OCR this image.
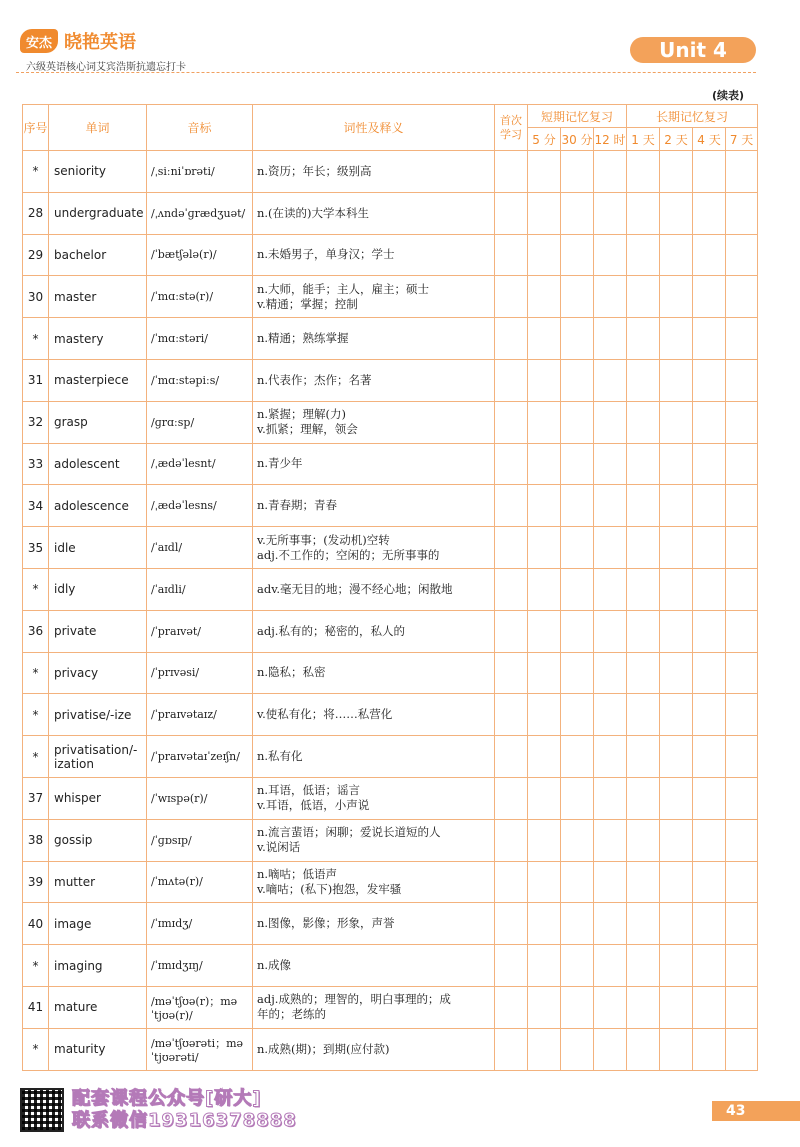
安杰 晓艳英语
六级英语核心词艾宾浩斯抗遗忘打卡
Unit 4
(续表)
序号	单词	音标	词性及释义	首次学习	短期记忆复习			长期记忆复习			
					5 分	30 分	12 时	1 天	2 天	4 天	7 天
*	seniority	/ˌsiːniˈɒrəti/	n.资历；年长；级别高								

28	undergraduate	/ˌʌndəˈɡrædʒuət/	n.(在读的)大学本科生								

29	bachelor	/ˈbætʃələ(r)/	n.未婚男子，单身汉；学士								

30	master	/ˈmɑːstə(r)/	n.大师，能手；主人，雇主；硕士
v.精通；掌握；控制								

*	mastery	/ˈmɑːstəri/	n.精通；熟练掌握								

31	masterpiece	/ˈmɑːstəpiːs/	n.代表作；杰作；名著								

32	grasp	/ɡrɑːsp/	n.紧握；理解(力)
v.抓紧；理解，领会								

33	adolescent	/ˌædəˈlesnt/	n.青少年								

34	adolescence	/ˌædəˈlesns/	n.青春期；青春								

35	idle	/ˈaɪdl/	v.无所事事；(发动机)空转
adj.不工作的；空闲的；无所事事的								

*	idly	/ˈaɪdli/	adv.毫无目的地；漫不经心地；闲散地								

36	private	/ˈpraɪvət/	adj.私有的；秘密的，私人的								

*	privacy	/ˈprɪvəsi/	n.隐私；私密								

*	privatise/-ize	/ˈpraɪvətaɪz/	v.使私有化；将……私营化								

*	privatisation/-ization	/ˈpraɪvətaɪˈzeɪʃn/	n.私有化								

37	whisper	/ˈwɪspə(r)/	n.耳语，低语；谣言
v.耳语，低语，小声说								

38	gossip	/ˈɡɒsɪp/	n.流言蜚语；闲聊；爱说长道短的人
v.说闲话								

39	mutter	/ˈmʌtə(r)/	n.嘀咕；低语声
v.嘀咕；(私下)抱怨，发牢骚								

40	image	/ˈɪmɪdʒ/	n.图像，影像；形象，声誉								

*	imaging	/ˈɪmɪdʒɪŋ/	n.成像								

41	mature	/məˈtʃʊə(r)；məˈtjʊə(r)/	adj.成熟的；理智的，明白事理的；成
年的；老练的								

*	maturity	/məˈtʃʊərəti；məˈtjʊərəti/	n.成熟(期)；到期(应付款)								

配套课程公众号[研大]
联系微信19316378888	43
